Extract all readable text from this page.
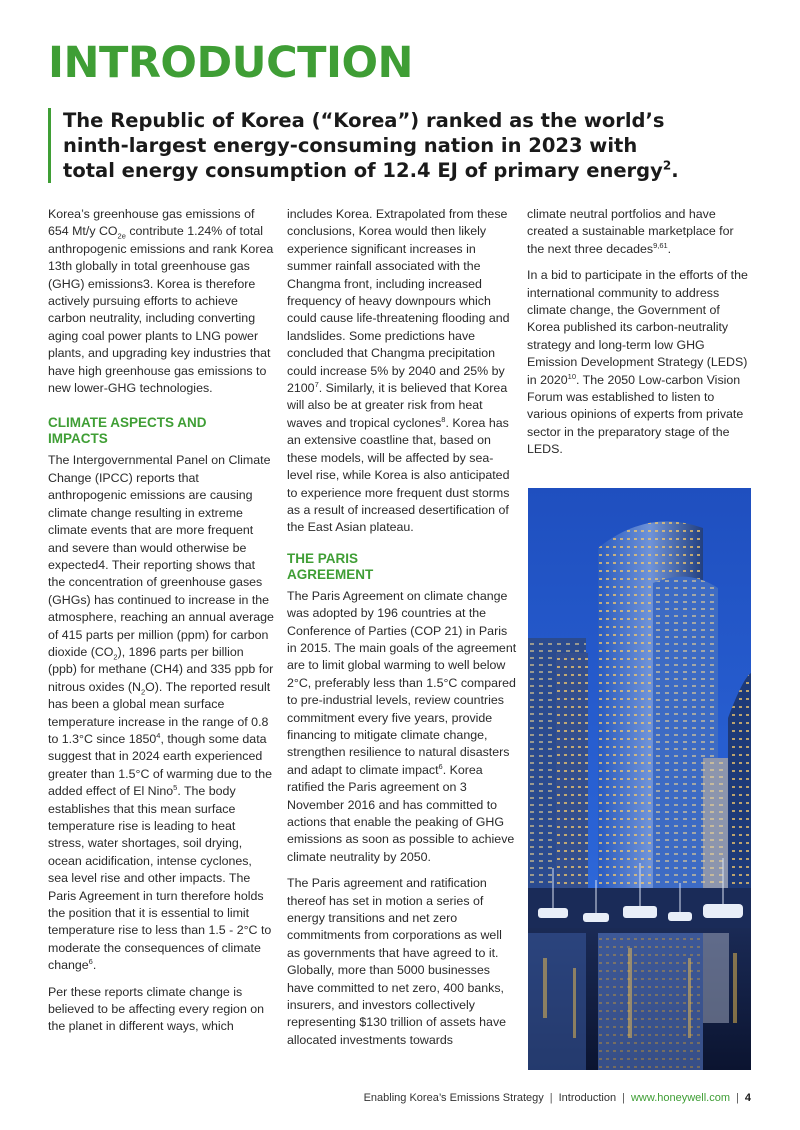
INTRODUCTION
The Republic of Korea (“Korea”) ranked as the world’s ninth-largest energy-consuming nation in 2023 with total energy consumption of 12.4 EJ of primary energy$^2$.

Korea’s greenhouse gas emissions of 654 Mt/y $CO_{2e}$ contribute 1.24% of total anthropogenic emissions and rank Korea 13th globally in total greenhouse gas (GHG) emissions3. Korea is therefore actively pursuing efforts to achieve carbon neutrality, including converting aging coal power plants to LNG power plants, and upgrading key industries that have high greenhouse gas emissions to new lower-GHG technologies.

CLIMATE ASPECTS AND IMPACTS

The Intergovernmental Panel on Climate Change (IPCC) reports that anthropogenic emissions are causing climate change resulting in extreme climate events that are more frequent and severe than would otherwise be expected4. Their reporting shows that the concentration of greenhouse gases (GHGs) has continued to increase in the atmosphere, reaching an annual average of 415 parts per million (ppm) for carbon dioxide $(CO_2)$, 1896 parts per billion (ppb) for methane (CH4) and 335 ppb for nitrous oxides $(N_2O)$. The reported result has been a global mean surface temperature increase in the range of 0.8 to 1.3°C since 1850$^4$, though some data suggest that in 2024 earth experienced greater than 1.5°C of warming due to the added effect of El Nino$^5$. The body establishes that this mean surface temperature rise is leading to heat stress, water shortages, soil drying, ocean acidification, intense cyclones, sea level rise and other impacts. The Paris Agreement in turn therefore holds the position that it is essential to limit temperature rise to less than 1.5 - 2°C to moderate the consequences of climate change$^6$.

Per these reports climate change is believed to be affecting every region on the planet in different ways, which

includes Korea. Extrapolated from these conclusions, Korea would then likely experience significant increases in summer rainfall associated with the Changma front, including increased frequency of heavy downpours which could cause life-threatening flooding and landslides. Some predictions have concluded that Changma precipitation could increase 5% by 2040 and 25% by 2100$^7$. Similarly, it is believed that Korea will also be at greater risk from heat waves and tropical cyclones$^8$. Korea has an extensive coastline that, based on these models, will be affected by sea-level rise, while Korea is also anticipated to experience more frequent dust storms as a result of increased desertification of the East Asian plateau.

THE PARIS AGREEMENT

The Paris Agreement on climate change was adopted by 196 countries at the Conference of Parties (COP 21) in Paris in 2015. The main goals of the agreement are to limit global warming to well below 2°C, preferably less than 1.5°C compared to pre-industrial levels, review countries commitment every five years, provide financing to mitigate climate change, strengthen resilience to natural disasters and adapt to climate impact$^6$. Korea ratified the Paris agreement on 3 November 2016 and has committed to actions that enable the peaking of GHG emissions as soon as possible to achieve climate neutrality by 2050.

The Paris agreement and ratification thereof has set in motion a series of energy transitions and net zero commitments from corporations as well as governments that have agreed to it. Globally, more than 5000 businesses have committed to net zero, 400 banks, insurers, and investors collectively representing $130 trillion of assets have allocated investments towards

climate neutral portfolios and have created a sustainable marketplace for the next three decades$^{9,61}$.

In a bid to participate in the efforts of the international community to address climate change, the Government of Korea published its carbon-neutrality strategy and long-term low GHG Emission Development Strategy (LEDS) in 2020$^{10}$. The 2050 Low-carbon Vision Forum was established to listen to various opinions of experts from private sector in the preparatory stage of the LEDS.

Enabling Korea’s Emissions Strategy | Introduction | www.honeywell.com | 4
